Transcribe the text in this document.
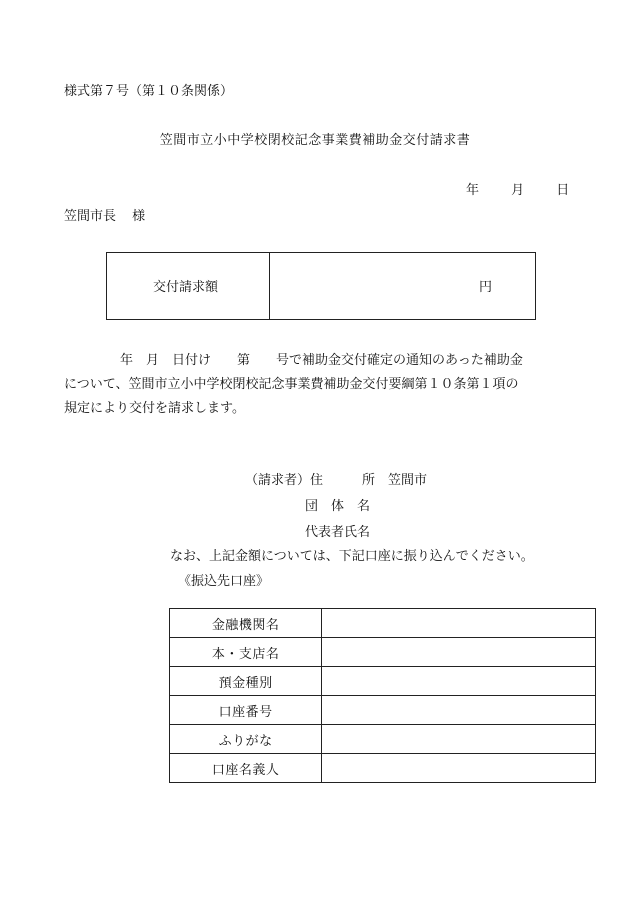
様式第７号（第１０条関係）
笠間市立小中学校閉校記念事業費補助金交付請求書
年 月 日
笠間市長 様
交付請求額	円
年　月　日付け　　第　　号で補助金交付確定の通知のあった補助金
について、笠間市立小中学校閉校記念事業費補助金交付要綱第１０条第１項の
規定により交付を請求します。
（請求者）住　　　所　笠間市
団　体　名
代表者氏名
なお、上記金額については、下記口座に振り込んでください。
《振込先口座》
金融機関名	
本・支店名	
預金種別	
口座番号	
ふりがな	
口座名義人	
